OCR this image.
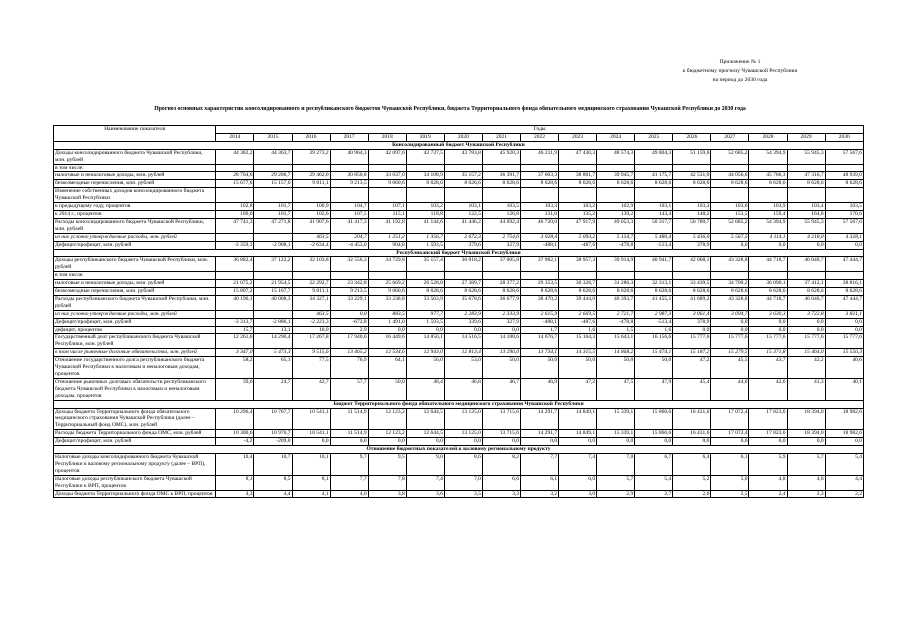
Приложение № 1
к бюджетному прогнозу Чувашской Республики
на период до 2030 года
Прогноз основных характеристик консолидированного и республиканского бюджетов Чувашской Республики, бюджета Территориального фонда обязательного медицинского страхования Чувашской Республики до 2030 года
Наименование показателя	Годы																
	2014	2015	2016	2017	2018	2019	2020	2021	2022	2023	2024	2025	2026	2027	2028	2029	2030
Консолидированный бюджет Чувашской Республики																	
Доходы консолидированного бюджета Чувашской Республики, млн. рублей	44 382,2	44 363,7	39 273,2	40 964,3	42 097,6	42 737,5	43 783,8	45 920,3	46 211,9	47 430,3	48 574,3	49 804,3	51 159,6	52 685,2	54 394,9	55 945,3	57 567,6
в том числе:																	
налоговые и неналоговые доходы, млн. рублей	28 704,6	29 206,7	29 462,0	30 850,8	33 037,0	34 108,9	35 157,2	36 391,7	37 603,3	38 801,7	39 945,7	41 175,7	42 531,0	44 056,6	45 766,3	47 316,7	48 939,0
безвозмездные перечисления, млн. рублей	15 677,6	15 157,0	9 811,1	9 213,5	9 060,6	8 628,6	8 626,6	8 628,6	8 628,6	8 628,6	8 628,6	8 628,6	8 628,6	8 628,6	8 628,6	8 628,6	8 628,6
Изменение собственных доходов консолидированного бюджета Чувашской Республики																	
к предыдущему году, процентов	102,8	101,7	100,9	104,7	107,1	103,2	103,1	103,5	103,3	103,2	102,9	103,1	103,3	103,6	103,9	103,4	103,5
к 2014 г., процентов	100,0	101,7	102,6	107,5	115,1	118,8	122,5	126,8	131,0	135,2	139,2	143,4	148,2	153,5	159,4	164,8	170,6
Расходы консолидированного бюджета Чувашской Республики, млн. рублей	47 741,3	47 271,8	41 907,6	41 417,3	41 192,8	41 144,6	41 446,2	44 692,4	46 720,0	47 917,9	49 053,3	50 317,7	50 780,7	52 685,2	54 394,9	55 945,3	57 567,6
из них условно утверждаемые расходы, млн. рублей			463,5	204,7	1 251,2	1 356,7	2 672,3	2 754,6	3 028,4	5 093,2	5 154,7	5 480,4	5 436,0	5 567,5	4 114,1	4 218,0	4 328,1
Дефицит/профицит, млн. рублей	-3 359,1	-2 908,1	-2 634,4	-4 453,0	904,8	1 593,5	379,6	327,9	-488,1	-487,6	-478,8	-513,4	378,9	0,0	0,0	0,0	0,0
Республиканский бюджет Чувашской Республики																	
Доходы республиканского бюджета Чувашской Республики, млн. рублей	36 882,4	37 122,2	32 103,8	32 556,3	34 729,8	35 157,4	36 018,2	37 005,8	37 982,1	38 957,3	39 914,9	40 941,7	42 068,1	43 328,8	44 718,7	46 040,7	47 444,7
в том числе:																	
налоговые и неналоговые доходы, млн. рублей	21 075,2	21 954,5	22 292,7	23 342,8	25 669,2	26 528,8	27 389,7	28 377,2	29 353,5	30 328,7	31 286,3	32 313,1	33 439,5	34 700,2	36 090,1	37 412,1	38 816,1
безвозмездные перечисления, млн. рублей	15 807,2	15 167,7	9 811,1	9 213,5	9 060,6	8 628,6	8 628,6	8 628,6	8 628,6	8 628,6	8 628,6	8 628,6	8 628,6	8 628,6	8 628,6	8 628,6	8 628,6
Расходы республиканского бюджета Чувашской Республики, млн. рублей	40 196,1	40 008,3	34 327,1	33 229,1	33 238,8	33 563,9	35 678,6	36 677,9	38 470,2	39 444,0	40 393,7	41 455,1	41 689,2	43 328,8	44 718,7	46 040,7	47 444,7
из них условно утверждаемые расходы, млн. рублей			463,5	0,0	883,5	977,7	2 283,9	2 333,9	2 615,9	2 669,5	2 721,7	2 987,3	3 061,4	3 094,7	3 630,3	3 722,8	3 821,1
Дефицит/профицит, млн. рублей	-3 313,7	-2 886,1	-2 223,3	-672,8	1 491,0	1 593,5	339,6	327,9	-488,1	-487,6	-478,8	-513,4	378,9	0,0	0,0	0,0	0,0
дефицит, процентов	15,7	13,1	10,0	2,9	0,0	0,0	0,0	0,0	1,7	1,6	1,5	1,6	0,0	0,0	0,0	0,0	0,0
Государственный долг республиканского бюджета Чувашской Республики, млн. рублей	12 261,6	14 290,4	17 267,8	17 940,6	16 449,6	14 856,1	14 516,5	14 188,6	14 676,7	15 164,3	15 643,1	16 156,6	15 777,6	15 777,6	15 777,6	15 777,6	15 777,6
в том числе рыночные долговые обязательства, млн. рублей	3 347,0	5 473,3	9 515,6	13 465,2	12 534,6	12 943,0	12 813,4	13 296,0	13 734,1	14 315,5	14 868,2	15 474,1	15 187,2	15 279,5	15 371,8	15 464,0	15 556,3
Отношение государственного долга республиканского бюджета Чувашской Республики к налоговым и неналоговым доходам, процентов	58,2	65,1	77,5	76,9	64,1	56,0	53,0	50,0	50,0	50,0	50,0	50,0	47,2	45,5	43,7	42,2	40,6
Отношение рыночных долговых обязательств республиканского бюджета Чувашской Республики к налоговым и неналоговым доходам, процентов	39,6	24,7	42,7	57,7	50,0	48,4	46,8	46,7	46,9	47,2	47,5	47,9	45,4	44,0	42,6	41,3	40,1
Бюджет Территориального фонда обязательного медицинского страхования Чувашской Республики																	
Доходы бюджета Территориального фонда обязательного медицинского страхования Чувашской Республики (далее – Территориальный фонд ОМС), млн. рублей	10 296,4	10 767,7	10 541,1	11 514,9	12 123,2	12 644,5	13 125,0	13 715,6	14 291,7	14 849,1	15 339,1	15 860,6	16 431,6	17 072,4	17 823,6	18 394,0	18 982,6
Расходы бюджета Территориального фонда ОМС, млн. рублей	10 300,6	10 976,7	10 541,1	11 514,9	12 123,2	12 644,5	13 125,0	13 715,6	14 291,7	14 849,1	15 339,1	15 860,6	16 431,6	17 072,4	17 823,6	18 394,0	18 982,6
Дефицит/профицит, млн. рублей	-4,2	-209,0	0,0	0,0	0,0	0,0	0,0	0,0	0,0	0,0	0,0	0,0	0,0	0,0	0,0	0,0	0,0
Отношение бюджетных показателей к валовому региональному продукту																	
Налоговые доходы консолидированного бюджета Чувашской Республики к валовому региональному продукту (далее – ВРП), процентов	10,4	10,7	10,1	9,7	9,5	9,0	8,6	8,2	7,7	7,4	7,0	6,7	6,4	6,1	5,9	5,7	5,4
Налоговые доходы республиканского бюджета Чувашской Республики к ВРП, процентов	8,1	8,5	8,1	7,7	7,8	7,4	7,0	6,6	6,1	6,0	5,7	5,4	5,2	5,0	4,8	4,6	4,4
Доходы бюджета Территориального фонда ОМС к ВРП, процентов	4,3	4,4	4,1	4,0	3,8	3,6	3,5	3,3	3,2	3,0	2,9	2,7	2,6	2,5	2,4	2,3	2,2
